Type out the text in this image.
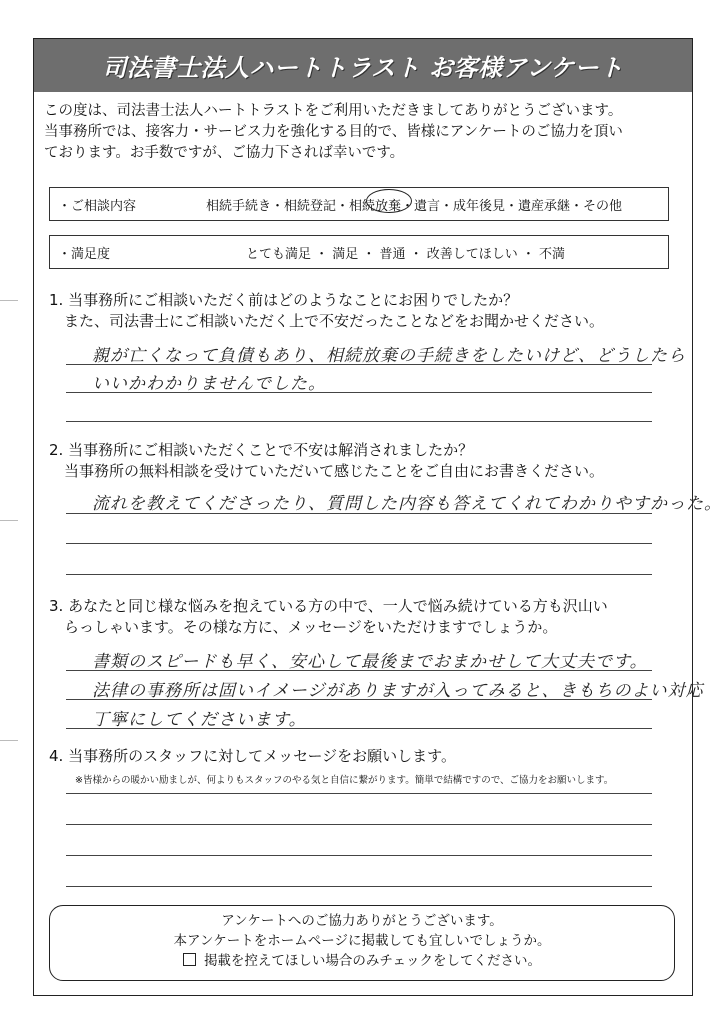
司法書士法人ハートトラスト お客様アンケート

この度は、司法書士法人ハートトラストをご利用いただきましてありがとうございます。

当事務所では、接客力・サービス力を強化する目的で、皆様にアンケートのご協力を頂い

ております。お手数ですが、ご協力下されば幸いです。

・ご相談内容	相続手続き・相続登記・相続放棄・遺言・成年後見・遺産承継・その他
・満足度	とても満足 ・ 満足 ・ 普通 ・ 改善してほしい ・ 不満
1. 当事務所にご相談いただく前はどのようなことにお困りでしたか？
また、司法書士にご相談いただく上で不安だったことなどをお聞かせください。
親が亡くなって負債もあり、相続放棄の手続きをしたいけど、どうしたら
いいかわかりませんでした。
2. 当事務所にご相談いただくことで不安は解消されましたか？
当事務所の無料相談を受けていただいて感じたことをご自由にお書きください。
流れを教えてくださったり、質問した内容も答えてくれてわかりやすかった。
3. あなたと同じ様な悩みを抱えている方の中で、一人で悩み続けている方も沢山い
らっしゃいます。その様な方に、メッセージをいただけますでしょうか。
書類のスピードも早く、安心して最後までおまかせして大丈夫です。
法律の事務所は固いイメージがありますが入ってみると、きもちのよい対応
丁寧にしてくださいます。
4. 当事務所のスタッフに対してメッセージをお願いします。
※皆様からの暖かい励ましが、何よりもスタッフのやる気と自信に繋がります。簡単で結構ですので、ご協力をお願いします。
アンケートへのご協力ありがとうございます。
本アンケートをホームページに掲載しても宜しいでしょうか。
掲載を控えてほしい場合のみチェックをしてください。
